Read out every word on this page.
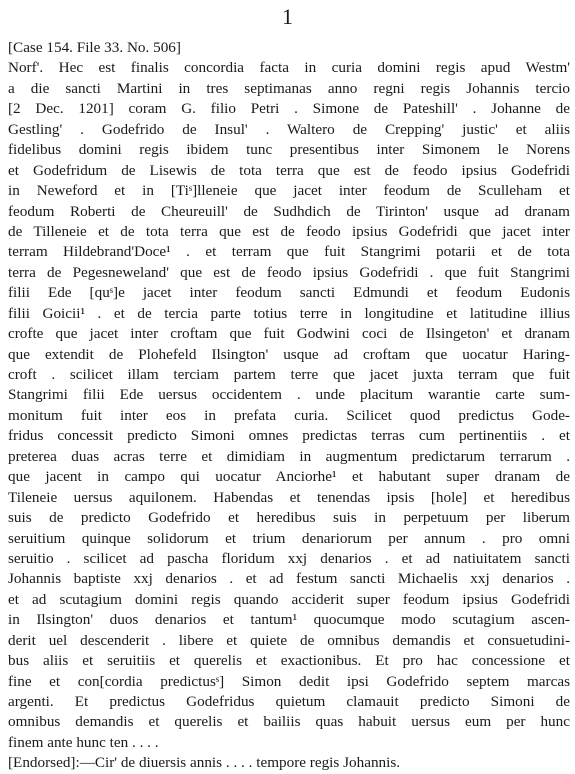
1
[Case 154. File 33. No. 506]
Norf'. Hec est finalis concordia facta in curia domini regis apud Westm'
a die sancti Martini in tres septimanas anno regni regis Johannis tercio
[2 Dec. 1201] coram G. filio Petri . Simone de Pateshill' . Johanne de
Gestling' . Godefrido de Insul' . Waltero de Crepping' justic' et aliis
fidelibus domini regis ibidem tunc presentibus inter Simonem le Norens
et Godefridum de Lisewis de tota terra que est de feodo ipsius Godefridi
in Neweford et in [Tiˢ]lleneie que jacet inter feodum de Sculleham et
feodum Roberti de Cheureuill' de Sudhdich de Tirinton' usque ad dranam
de Tilleneie et de tota terra que est de feodo ipsius Godefridi que jacet inter
terram Hildebrand'Doce¹ . et terram que fuit Stangrimi potarii et de tota
terra de Pegesneweland' que est de feodo ipsius Godefridi . que fuit Stangrimi
filii Ede [quˢ]e jacet inter feodum sancti Edmundi et feodum Eudonis
filii Goicii¹ . et de tercia parte totius terre in longitudine et latitudine illius
crofte que jacet inter croftam que fuit Godwini coci de Ilsingeton' et dranam
que extendit de Plohefeld Ilsington' usque ad croftam que uocatur Haring-
croft . scilicet illam terciam partem terre que jacet juxta terram que fuit
Stangrimi filii Ede uersus occidentem . unde placitum warantie carte sum-
monitum fuit inter eos in prefata curia. Scilicet quod predictus Gode-
fridus concessit predicto Simoni omnes predictas terras cum pertinentiis . et
preterea duas acras terre et dimidiam in augmentum predictarum terrarum .
que jacent in campo qui uocatur Anciorhe¹ et habutant super dranam de
Tileneie uersus aquilonem. Habendas et tenendas ipsis [hole] et heredibus
suis de predicto Godefrido et heredibus suis in perpetuum per liberum
seruitium quinque solidorum et trium denariorum per annum . pro omni
seruitio . scilicet ad pascha floridum xxj denarios . et ad natiuitatem sancti
Johannis baptiste xxj denarios . et ad festum sancti Michaelis xxj denarios .
et ad scutagium domini regis quando acciderit super feodum ipsius Godefridi
in Ilsington' duos denarios et tantum¹ quocumque modo scutagium ascen-
derit uel descenderit . libere et quiete de omnibus demandis et consuetudini-
bus aliis et seruitiis et querelis et exactionibus. Et pro hac concessione et
fine et con[cordia predictusˢ] Simon dedit ipsi Godefrido septem marcas
argenti. Et predictus Godefridus quietum clamauit predicto Simoni de
omnibus demandis et querelis et bailiis quas habuit uersus eum per hunc
finem ante hunc ten . . . .
[Endorsed]:—Cir' de diuersis annis . . . . tempore regis Johannis.
